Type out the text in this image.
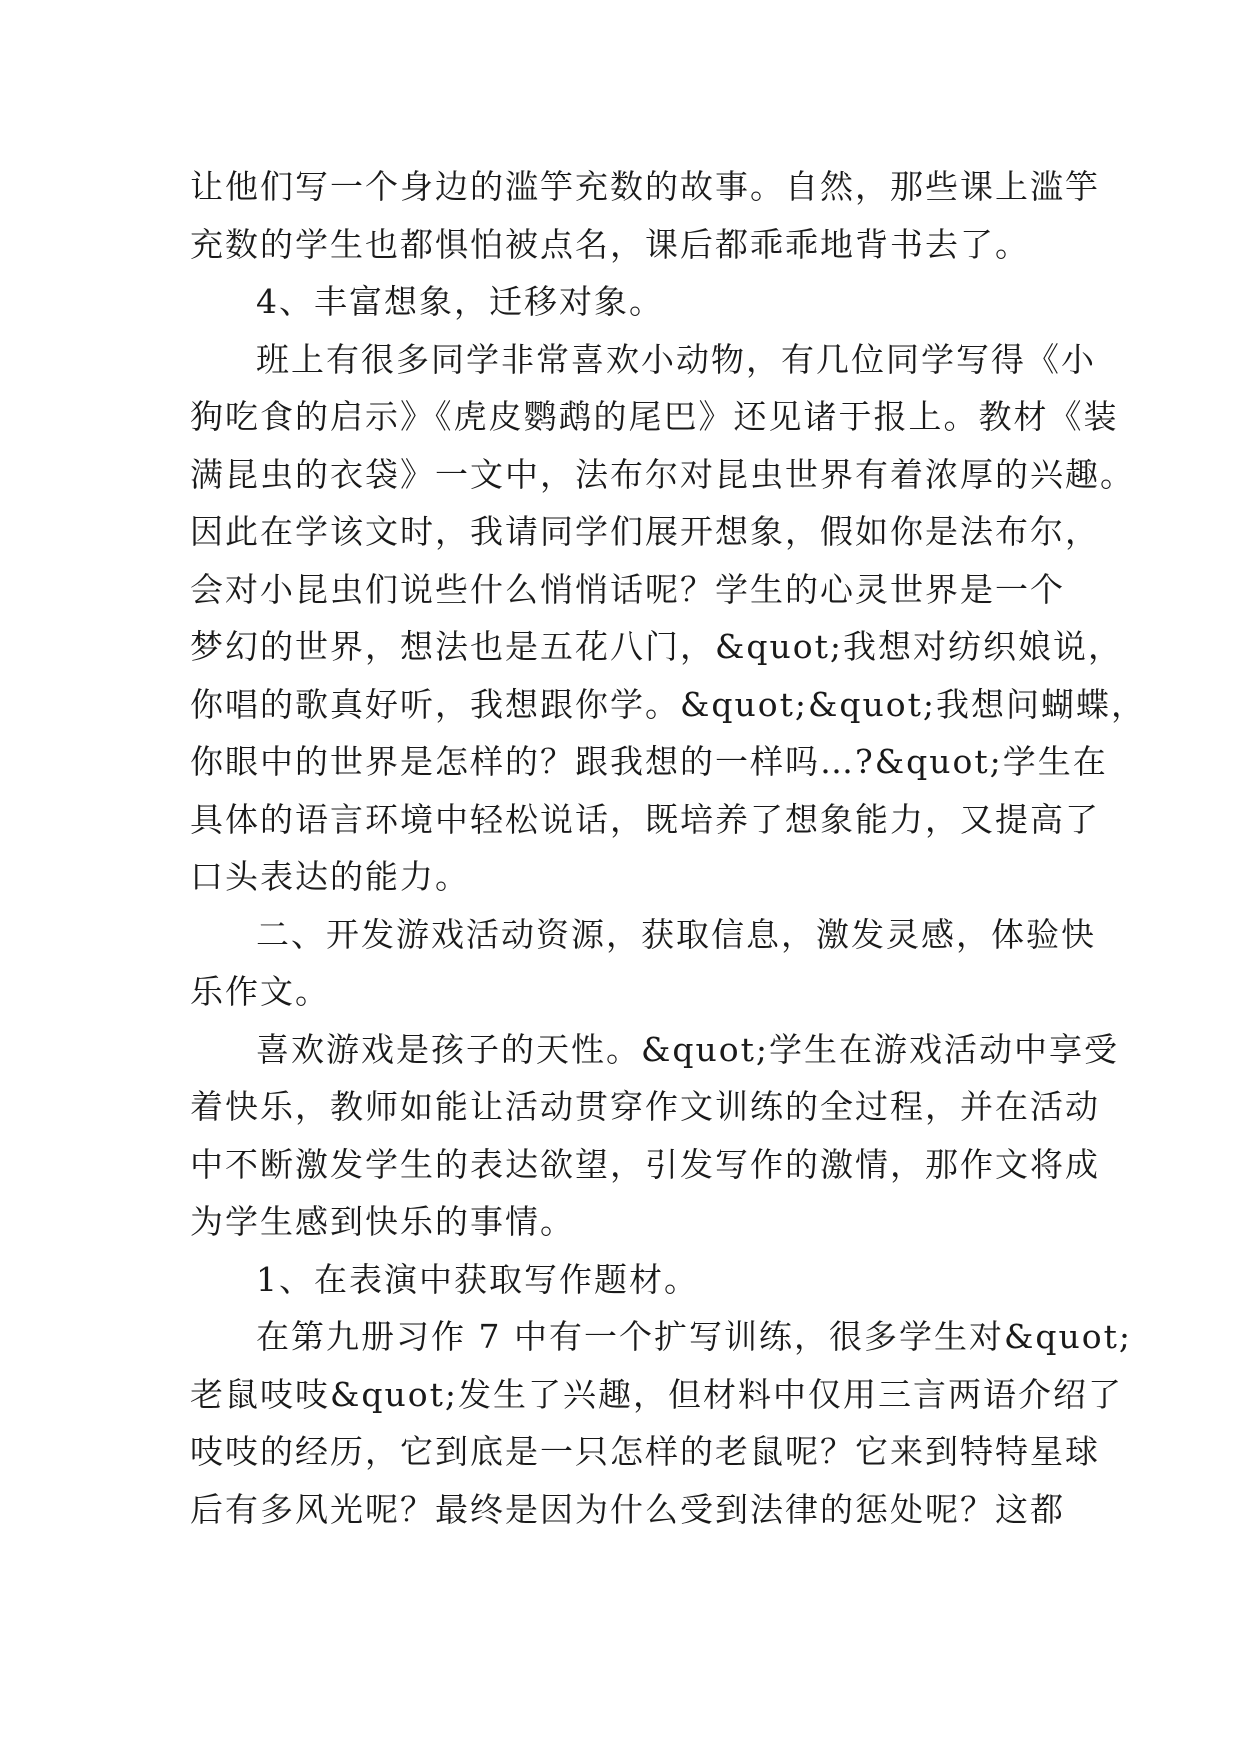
让他们写一个身边的滥竽充数的故事。自然，那些课上滥竽
充数的学生也都惧怕被点名，课后都乖乖地背书去了。
4、丰富想象，迁移对象。
班上有很多同学非常喜欢小动物，有几位同学写得《小
狗吃食的启示》《虎皮鹦鹉的尾巴》还见诸于报上。教材《装
满昆虫的衣袋》一文中，法布尔对昆虫世界有着浓厚的兴趣。
因此在学该文时，我请同学们展开想象，假如你是法布尔，
会对小昆虫们说些什么悄悄话呢？学生的心灵世界是一个
梦幻的世界，想法也是五花八门，&quot;我想对纺织娘说，
你唱的歌真好听，我想跟你学。&quot;&quot;我想问蝴蝶，
你眼中的世界是怎样的？跟我想的一样吗…?&quot;学生在
具体的语言环境中轻松说话，既培养了想象能力，又提高了
口头表达的能力。
二、开发游戏活动资源，获取信息，激发灵感，体验快
乐作文。
喜欢游戏是孩子的天性。&quot;学生在游戏活动中享受
着快乐，教师如能让活动贯穿作文训练的全过程，并在活动
中不断激发学生的表达欲望，引发写作的激情，那作文将成
为学生感到快乐的事情。
1、在表演中获取写作题材。
在第九册习作 7 中有一个扩写训练，很多学生对&quot;
老鼠吱吱&quot;发生了兴趣，但材料中仅用三言两语介绍了
吱吱的经历，它到底是一只怎样的老鼠呢？它来到特特星球
后有多风光呢？最终是因为什么受到法律的惩处呢？这都
